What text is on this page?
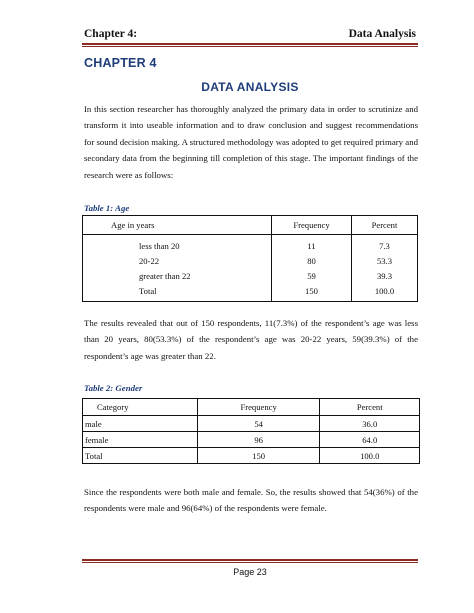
Chapter 4:	Data Analysis
CHAPTER 4
DATA ANALYSIS
In this section researcher has thoroughly analyzed the primary data in order to scrutinize and transform it into useable information and to draw conclusion and suggest recommendations for sound decision making. A structured methodology was adopted to get required primary and secondary data from the beginning till completion of this stage. The important findings of the research were as follows:
Table 1: Age
Age in years	Frequency	Percent
less than 20	11	7.3
20-22	80	53.3
greater than 22	59	39.3
Total	150	100.0
The results revealed that out of 150 respondents, 11(7.3%) of the respondent’s age was less than 20 years, 80(53.3%) of the respondent’s age was 20-22 years, 59(39.3%) of the respondent’s age was greater than 22.
Table 2: Gender
Category	Frequency	Percent
male	54	36.0
female	96	64.0
Total	150	100.0
Since the respondents were both male and female. So, the results showed that 54(36%) of the respondents were male and 96(64%) of the respondents were female.
Page 23
